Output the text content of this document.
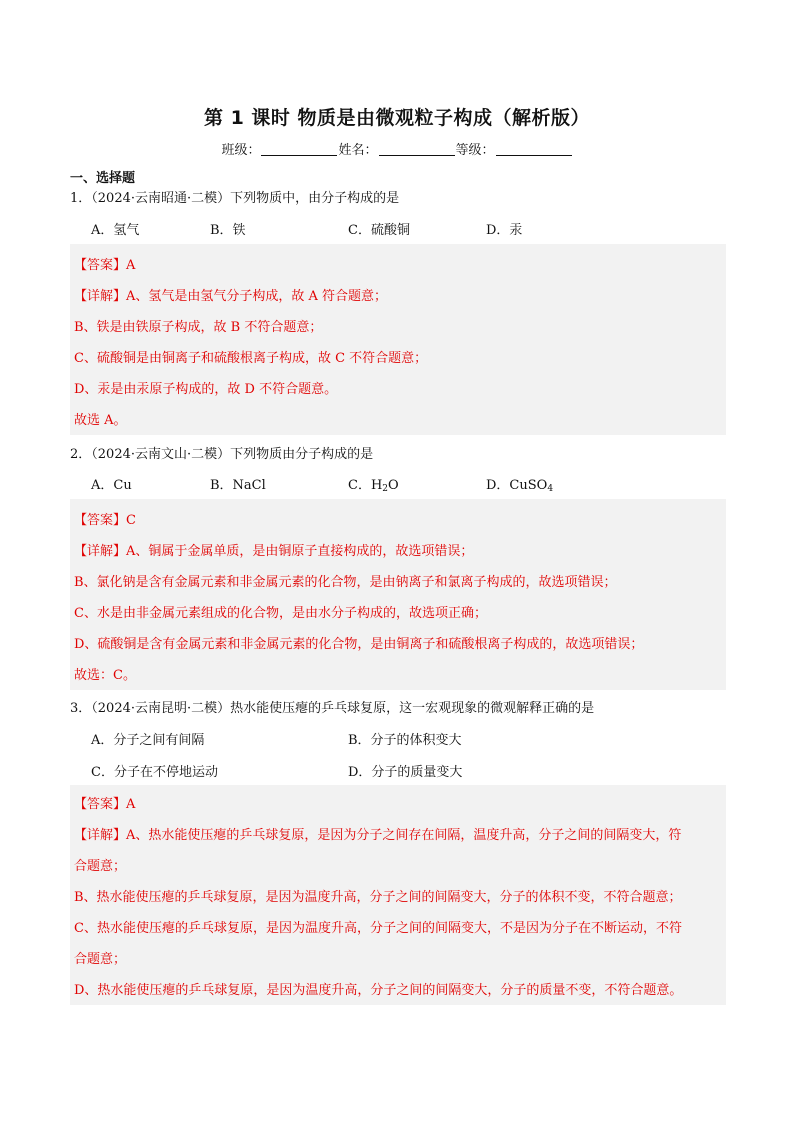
第 1 课时 物质是由微观粒子构成（解析版）
班级：	姓名：	等级：
一、选择题
1．（2024·云南昭通·二模）下列物质中，由分子构成的是
A．氢气	B．铁	C．硫酸铜	D．汞
【答案】A
【详解】A、氢气是由氢气分子构成，故 A 符合题意；
B、铁是由铁原子构成，故 B 不符合题意；
C、硫酸铜是由铜离子和硫酸根离子构成，故 C 不符合题意；
D、汞是由汞原子构成的，故 D 不符合题意。
故选 A。
2．（2024·云南文山·二模）下列物质由分子构成的是
A．Cu	B．NaCl	C．$H_2O$	D．CuSO$_4$
【答案】C
【详解】A、铜属于金属单质，是由铜原子直接构成的，故选项错误；
B、氯化钠是含有金属元素和非金属元素的化合物，是由钠离子和氯离子构成的，故选项错误；
C、水是由非金属元素组成的化合物，是由水分子构成的，故选项正确；
D、硫酸铜是含有金属元素和非金属元素的化合物，是由铜离子和硫酸根离子构成的，故选项错误；
故选：C。
3．（2024·云南昆明·二模）热水能使压瘪的乒乓球复原，这一宏观现象的微观解释正确的是
A．分子之间有间隔	B．分子的体积变大
C．分子在不停地运动	D．分子的质量变大
【答案】A
【详解】A、热水能使压瘪的乒乓球复原，是因为分子之间存在间隔，温度升高，分子之间的间隔变大，符
合题意；
B、热水能使压瘪的乒乓球复原，是因为温度升高，分子之间的间隔变大，分子的体积不变，不符合题意；
C、热水能使压瘪的乒乓球复原，是因为温度升高，分子之间的间隔变大，不是因为分子在不断运动，不符
合题意；
D、热水能使压瘪的乒乓球复原，是因为温度升高，分子之间的间隔变大，分子的质量不变，不符合题意。
